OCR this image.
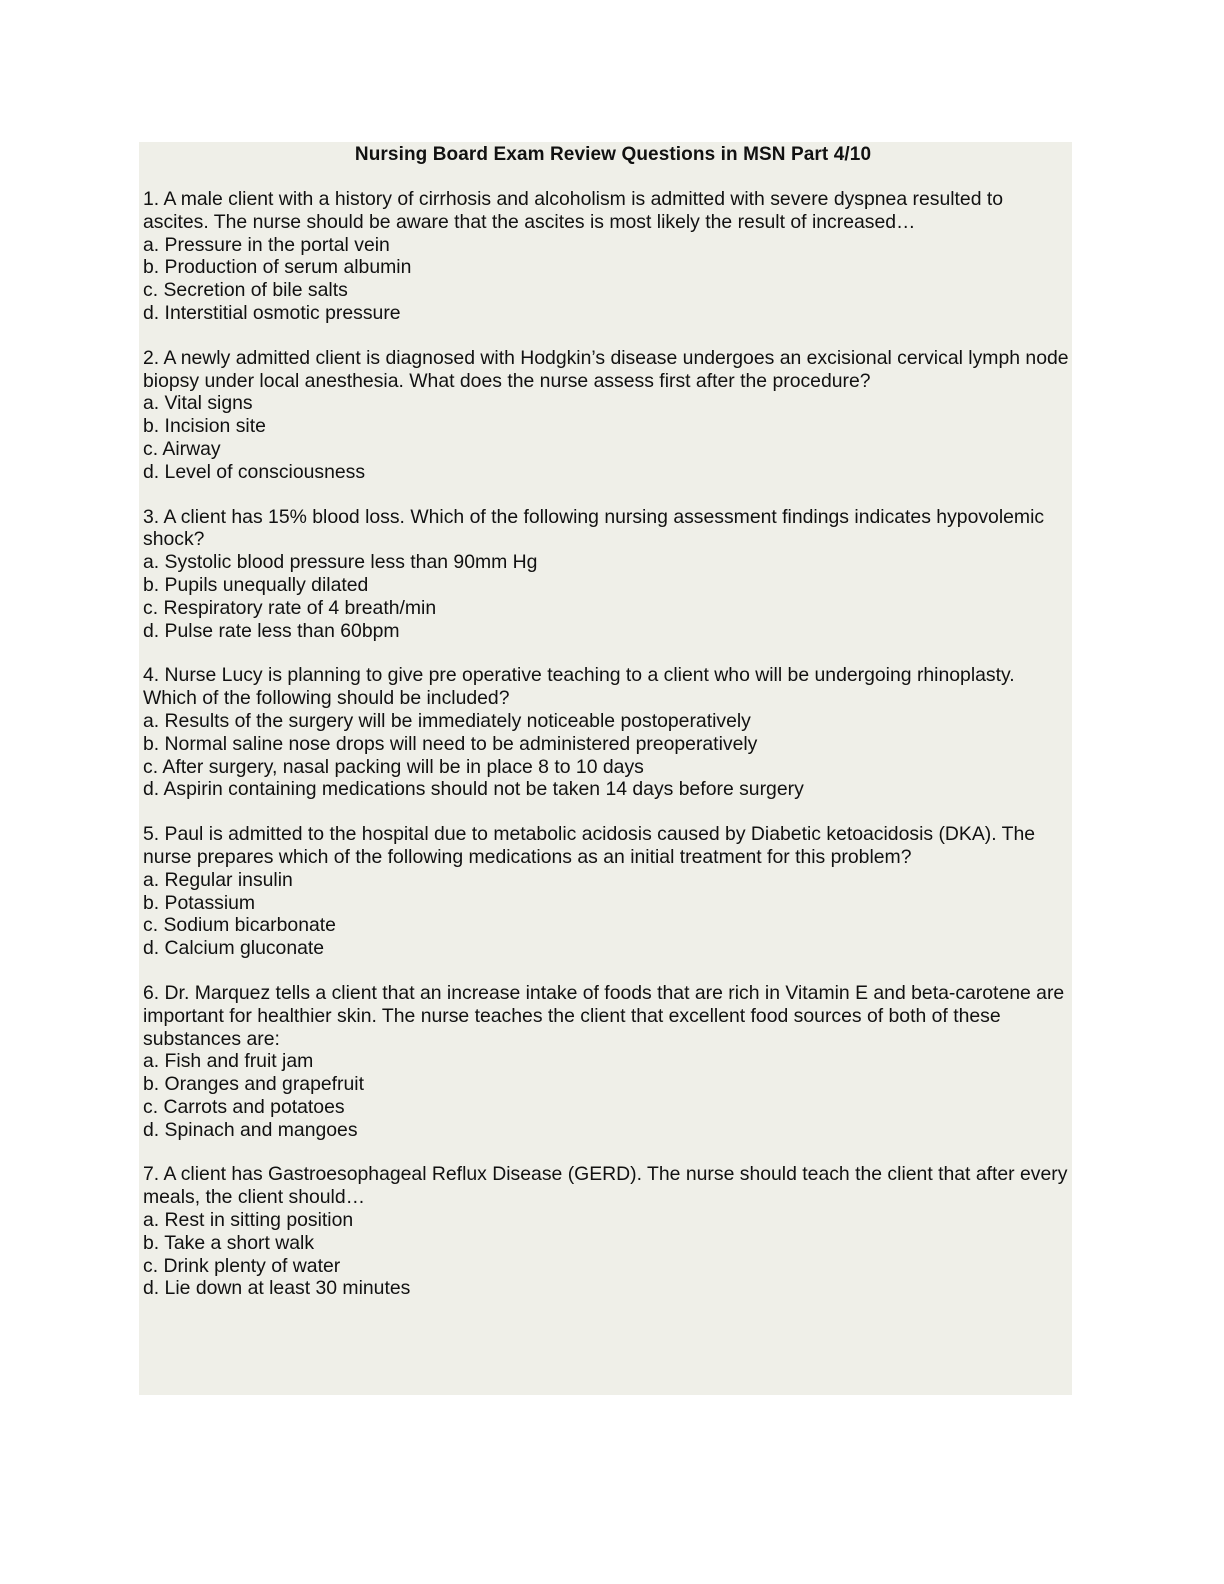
Nursing Board Exam Review Questions in MSN Part 4/10

1. A male client with a history of cirrhosis and alcoholism is admitted with severe dyspnea resulted to ascites. The nurse should be aware that the ascites is most likely the result of increased…

a. Pressure in the portal vein

b. Production of serum albumin

c. Secretion of bile salts

d. Interstitial osmotic pressure

2. A newly admitted client is diagnosed with Hodgkin’s disease undergoes an excisional cervical lymph node biopsy under local anesthesia. What does the nurse assess first after the procedure?

a. Vital signs

b. Incision site

c. Airway

d. Level of consciousness

3. A client has 15% blood loss. Which of the following nursing assessment findings indicates hypovolemic shock?

a. Systolic blood pressure less than 90mm Hg

b. Pupils unequally dilated

c. Respiratory rate of 4 breath/min

d. Pulse rate less than 60bpm

4. Nurse Lucy is planning to give pre operative teaching to a client who will be undergoing rhinoplasty. Which of the following should be included?

a. Results of the surgery will be immediately noticeable postoperatively

b. Normal saline nose drops will need to be administered preoperatively

c. After surgery, nasal packing will be in place 8 to 10 days

d. Aspirin containing medications should not be taken 14 days before surgery

5. Paul is admitted to the hospital due to metabolic acidosis caused by Diabetic ketoacidosis (DKA). The nurse prepares which of the following medications as an initial treatment for this problem?

a. Regular insulin

b. Potassium

c. Sodium bicarbonate

d. Calcium gluconate

6. Dr. Marquez tells a client that an increase intake of foods that are rich in Vitamin E and beta-carotene are important for healthier skin. The nurse teaches the client that excellent food sources of both of these substances are:

a. Fish and fruit jam

b. Oranges and grapefruit

c. Carrots and potatoes

d. Spinach and mangoes

7. A client has Gastroesophageal Reflux Disease (GERD). The nurse should teach the client that after every meals, the client should…

a. Rest in sitting position

b. Take a short walk

c. Drink plenty of water

d. Lie down at least 30 minutes
